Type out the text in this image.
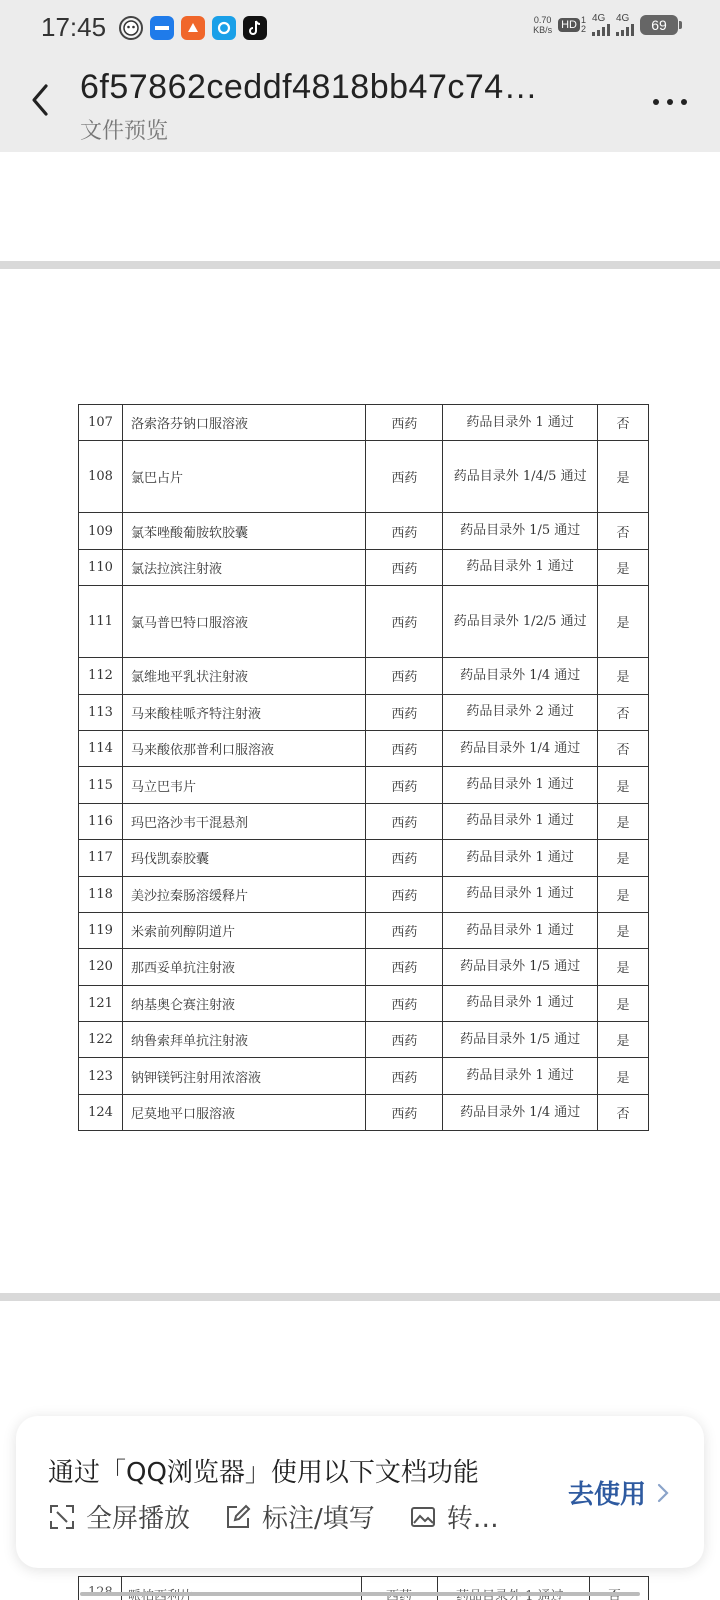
17:45	0.70
KB/s HD 1
2
4G 4G	69
6f57862ceddf4818bb47c74…
文件预览
107	洛索洛芬钠口服溶液	西药	药品目录外 1 通过	否
108	氯巴占片	西药	药品目录外 1/4/5 通过	是
109	氯苯唑酸葡胺软胶囊	西药	药品目录外 1/5 通过	否
110	氯法拉滨注射液	西药	药品目录外 1 通过	是
111	氯马普巴特口服溶液	西药	药品目录外 1/2/5 通过	是
112	氯维地平乳状注射液	西药	药品目录外 1/4 通过	是
113	马来酸桂哌齐特注射液	西药	药品目录外 2 通过	否
114	马来酸依那普利口服溶液	西药	药品目录外 1/4 通过	否
115	马立巴韦片	西药	药品目录外 1 通过	是
116	玛巴洛沙韦干混悬剂	西药	药品目录外 1 通过	是
117	玛伐凯泰胶囊	西药	药品目录外 1 通过	是
118	美沙拉秦肠溶缓释片	西药	药品目录外 1 通过	是
119	米索前列醇阴道片	西药	药品目录外 1 通过	是
120	那西妥单抗注射液	西药	药品目录外 1/5 通过	是
121	纳基奥仑赛注射液	西药	药品目录外 1 通过	是
122	纳鲁索拜单抗注射液	西药	药品目录外 1/5 通过	是
123	钠钾镁钙注射用浓溶液	西药	药品目录外 1 通过	是
124	尼莫地平口服溶液	西药	药品目录外 1/4 通过	否
通过「QQ浏览器」使用以下文档功能
全屏播放	标注/填写	转…
去使用
